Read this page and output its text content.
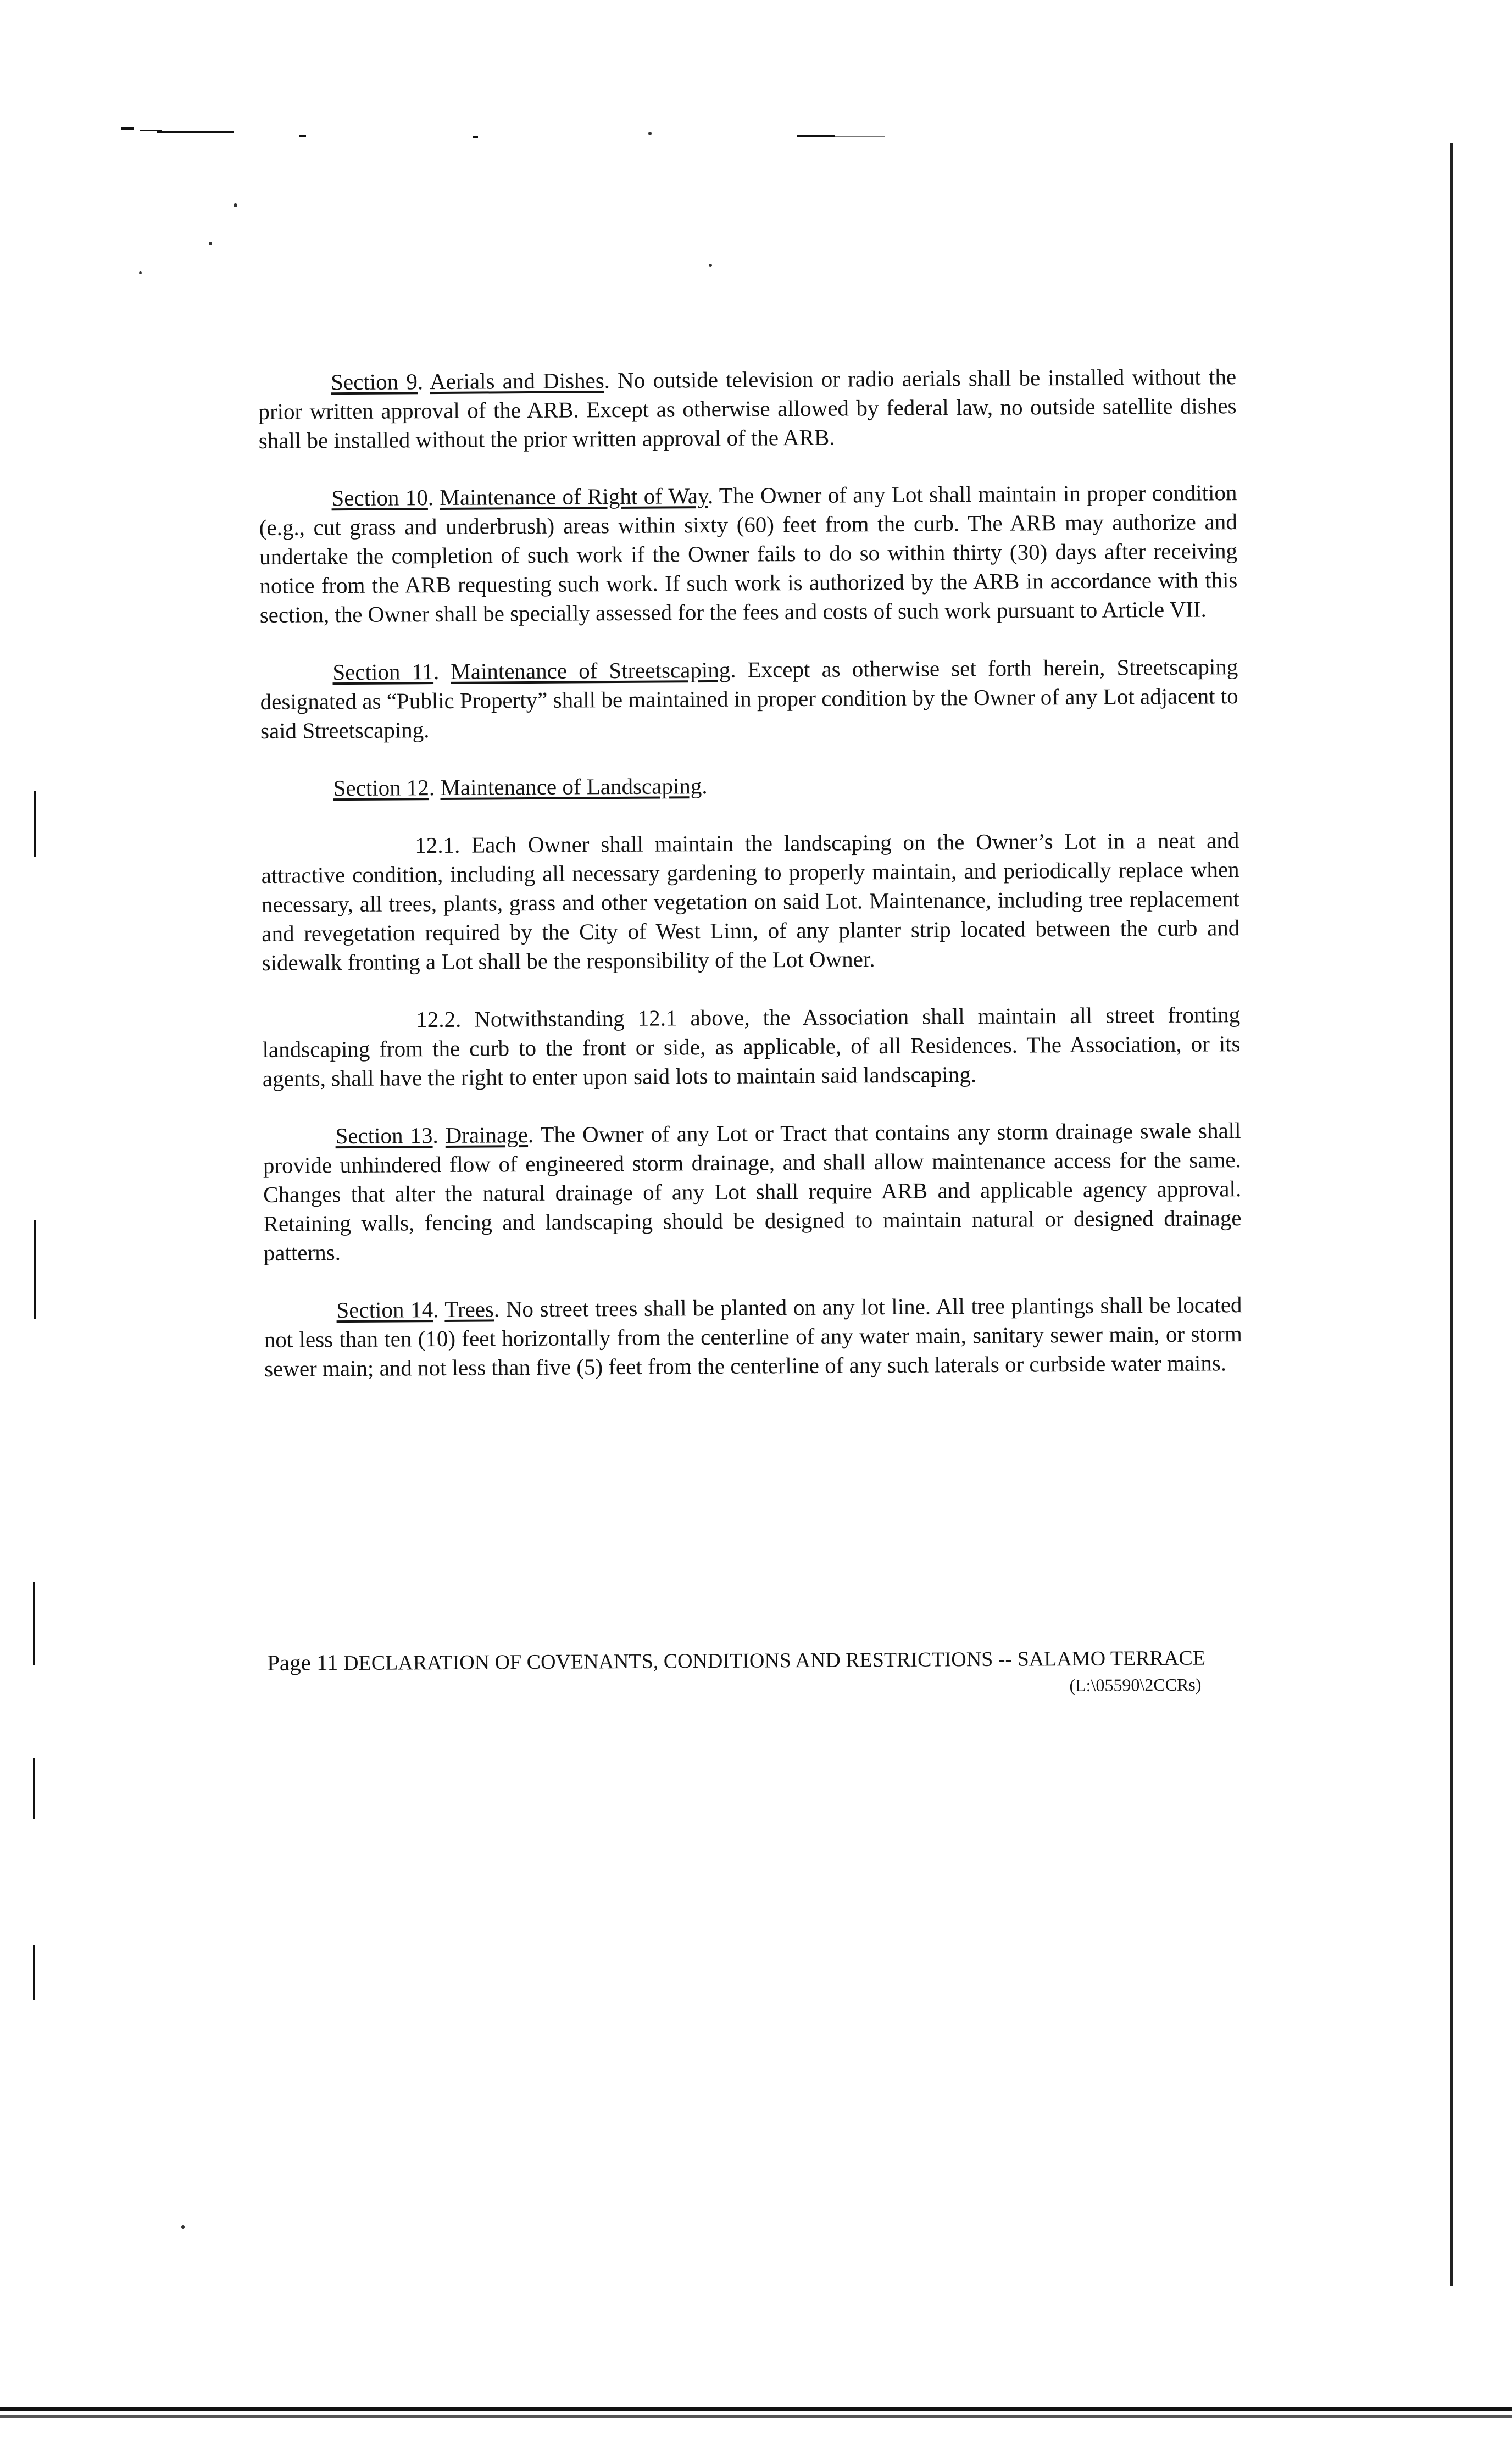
Section 9. Aerials and Dishes. No outside television or radio aerials shall be installed without the prior written approval of the ARB. Except as otherwise allowed by federal law, no outside satellite dishes shall be installed without the prior written approval of the ARB.

Section 10. Maintenance of Right of Way. The Owner of any Lot shall maintain in proper condition (e.g., cut grass and underbrush) areas within sixty (60) feet from the curb. The ARB may authorize and undertake the completion of such work if the Owner fails to do so within thirty (30) days after receiving notice from the ARB requesting such work. If such work is authorized by the ARB in accordance with this section, the Owner shall be specially assessed for the fees and costs of such work pursuant to Article VII.

Section 11. Maintenance of Streetscaping. Except as otherwise set forth herein, Streetscaping designated as “Public Property” shall be maintained in proper condition by the Owner of any Lot adjacent to said Streetscaping.

Section 12. Maintenance of Landscaping.

12.1. Each Owner shall maintain the landscaping on the Owner’s Lot in a neat and attractive condition, including all necessary gardening to properly maintain, and periodically replace when necessary, all trees, plants, grass and other vegetation on said Lot. Maintenance, including tree replacement and revegetation required by the City of West Linn, of any planter strip located between the curb and sidewalk fronting a Lot shall be the responsibility of the Lot Owner.

12.2. Notwithstanding 12.1 above, the Association shall maintain all street fronting landscaping from the curb to the front or side, as applicable, of all Residences. The Association, or its agents, shall have the right to enter upon said lots to maintain said landscaping.

Section 13. Drainage. The Owner of any Lot or Tract that contains any storm drainage swale shall provide unhindered flow of engineered storm drainage, and shall allow maintenance access for the same. Changes that alter the natural drainage of any Lot shall require ARB and applicable agency approval. Retaining walls, fencing and landscaping should be designed to maintain natural or designed drainage patterns.

Section 14. Trees. No street trees shall be planted on any lot line. All tree plantings shall be located not less than ten (10) feet horizontally from the centerline of any water main, sanitary sewer main, or storm sewer main; and not less than five (5) feet from the centerline of any such laterals or curbside water mains.

Page 11 DECLARATION OF COVENANTS, CONDITIONS AND RESTRICTIONS -- SALAMO TERRACE
(L:\05590\2CCRs)
